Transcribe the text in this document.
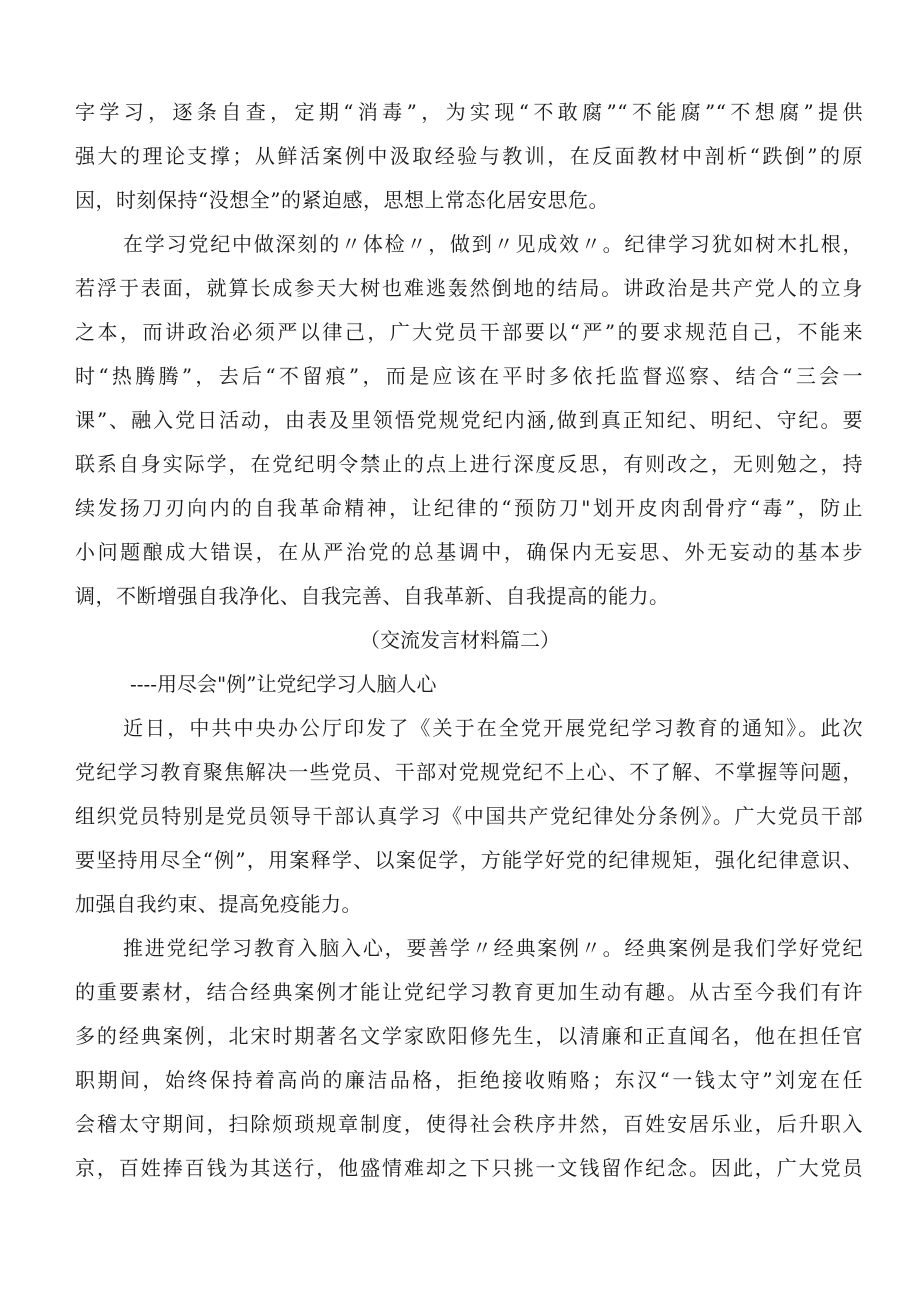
字学习，逐条自查，定期“消毒”，为实现“不敢腐”“不能腐”“不想腐”提供
强大的理论支撑；从鲜活案例中汲取经验与教训，在反面教材中剖析“跌倒”的原
因，时刻保持“没想全”的紧迫感，思想上常态化居安思危。
在学习党纪中做深刻的〃体检〃，做到〃见成效〃。纪律学习犹如树木扎根，
若浮于表面，就算长成参天大树也难逃轰然倒地的结局。讲政治是共产党人的立身
之本，而讲政治必须严以律己，广大党员干部要以“严”的要求规范自己，不能来
时“热腾腾”，去后“不留痕”，而是应该在平时多依托监督巡察、结合“三会一
课”、融入党日活动，由表及里领悟党规党纪内涵,做到真正知纪、明纪、守纪。要
联系自身实际学，在党纪明令禁止的点上进行深度反思，有则改之，无则勉之，持
续发扬刀刃向内的自我革命精神，让纪律的“预防刀"划开皮肉刮骨疗“毒”，防止
小问题酿成大错误，在从严治党的总基调中，确保内无妄思、外无妄动的基本步
调，不断增强自我净化、自我完善、自我革新、自我提高的能力。
（交流发言材料篇二）
----用尽会"例”让党纪学习人脑人心
近日，中共中央办公厅印发了《关于在全党开展党纪学习教育的通知》。此次
党纪学习教育聚焦解决一些党员、干部对党规党纪不上心、不了解、不掌握等问题，
组织党员特别是党员领导干部认真学习《中国共产党纪律处分条例》。广大党员干部
要坚持用尽全“例”，用案释学、以案促学，方能学好党的纪律规矩，强化纪律意识、
加强自我约束、提高免疫能力。
推进党纪学习教育入脑入心，要善学〃经典案例〃。经典案例是我们学好党纪
的重要素材，结合经典案例才能让党纪学习教育更加生动有趣。从古至今我们有许
多的经典案例，北宋时期著名文学家欧阳修先生，以清廉和正直闻名，他在担任官
职期间，始终保持着高尚的廉洁品格，拒绝接收贿赂；东汉“一钱太守”刘宠在任
会稽太守期间，扫除烦琐规章制度，使得社会秩序井然，百姓安居乐业，后升职入
京，百姓捧百钱为其送行，他盛情难却之下只挑一文钱留作纪念。因此，广大党员
